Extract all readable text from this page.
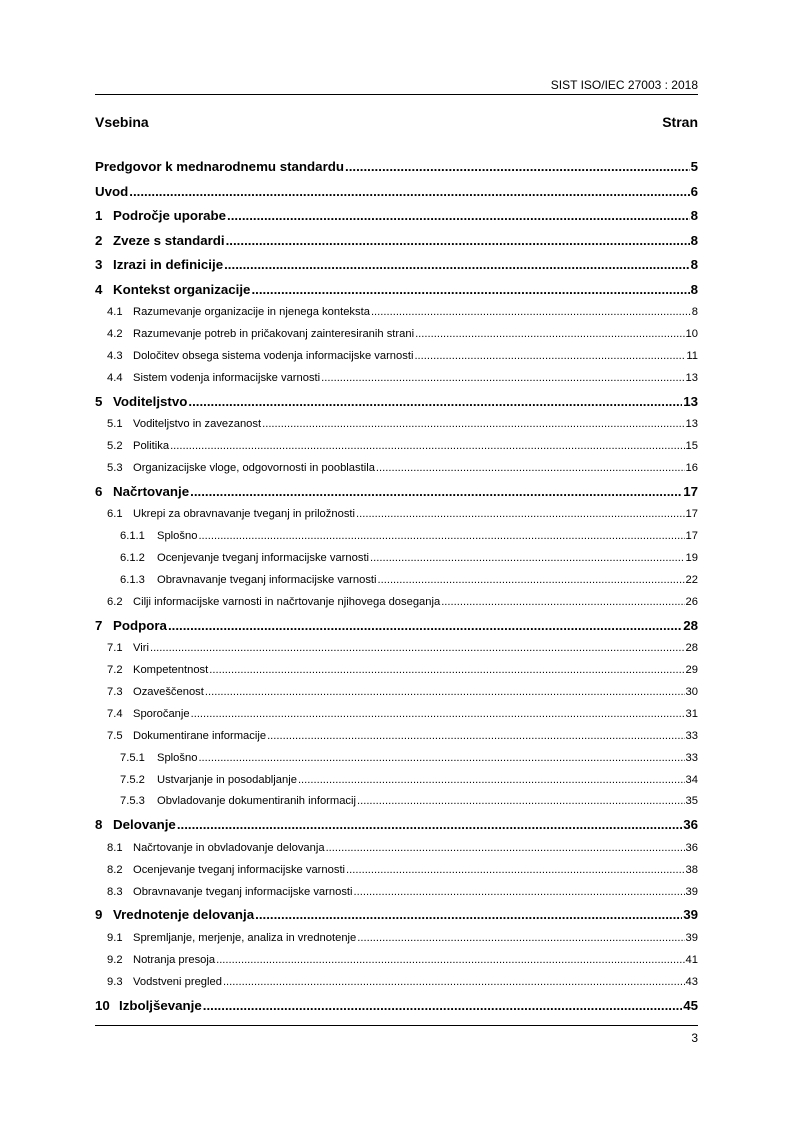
SIST ISO/IEC 27003 : 2018
Vsebina	Stran
Predgovor k mednarodnemu standardu .....	5
Uvod .....	6
1 Področje uporabe .....	8
2 Zveze s standardi .....	8
3 Izrazi in definicije .....	8
4 Kontekst organizacije .....	8
4.1 Razumevanje organizacije in njenega konteksta .....	8
4.2 Razumevanje potreb in pričakovanj zainteresiranih strani .....	10
4.3 Določitev obsega sistema vodenja informacijske varnosti .....	11
4.4 Sistem vodenja informacijske varnosti .....	13
5 Voditeljstvo .....	13
5.1 Voditeljstvo in zavezanost .....	13
5.2 Politika .....	15
5.3 Organizacijske vloge, odgovornosti in pooblastila .....	16
6 Načrtovanje .....	17
6.1 Ukrepi za obravnavanje tveganj in priložnosti .....	17
6.1.1	Splošno .....	17
6.1.2	Ocenjevanje tveganj informacijske varnosti .....	19
6.1.3	Obravnavanje tveganj informacijske varnosti .....	22
6.2 Cilji informacijske varnosti in načrtovanje njihovega doseganja .....	26
7 Podpora .....	28
7.1 Viri .....	28
7.2 Kompetentnost .....	29
7.3 Ozaveščenost .....	30
7.4 Sporočanje .....	31
7.5 Dokumentirane informacije .....	33
7.5.1	Splošno .....	33
7.5.2	Ustvarjanje in posodabljanje .....	34
7.5.3	Obvladovanje dokumentiranih informacij .....	35
8 Delovanje .....	36
8.1 Načrtovanje in obvladovanje delovanja .....	36
8.2 Ocenjevanje tveganj informacijske varnosti .....	38
8.3 Obravnavanje tveganj informacijske varnosti .....	39
9 Vrednotenje delovanja .....	39
9.1 Spremljanje, merjenje, analiza in vrednotenje .....	39
9.2 Notranja presoja .....	41
9.3 Vodstveni pregled .....	43
10 Izboljševanje .....	45
3
